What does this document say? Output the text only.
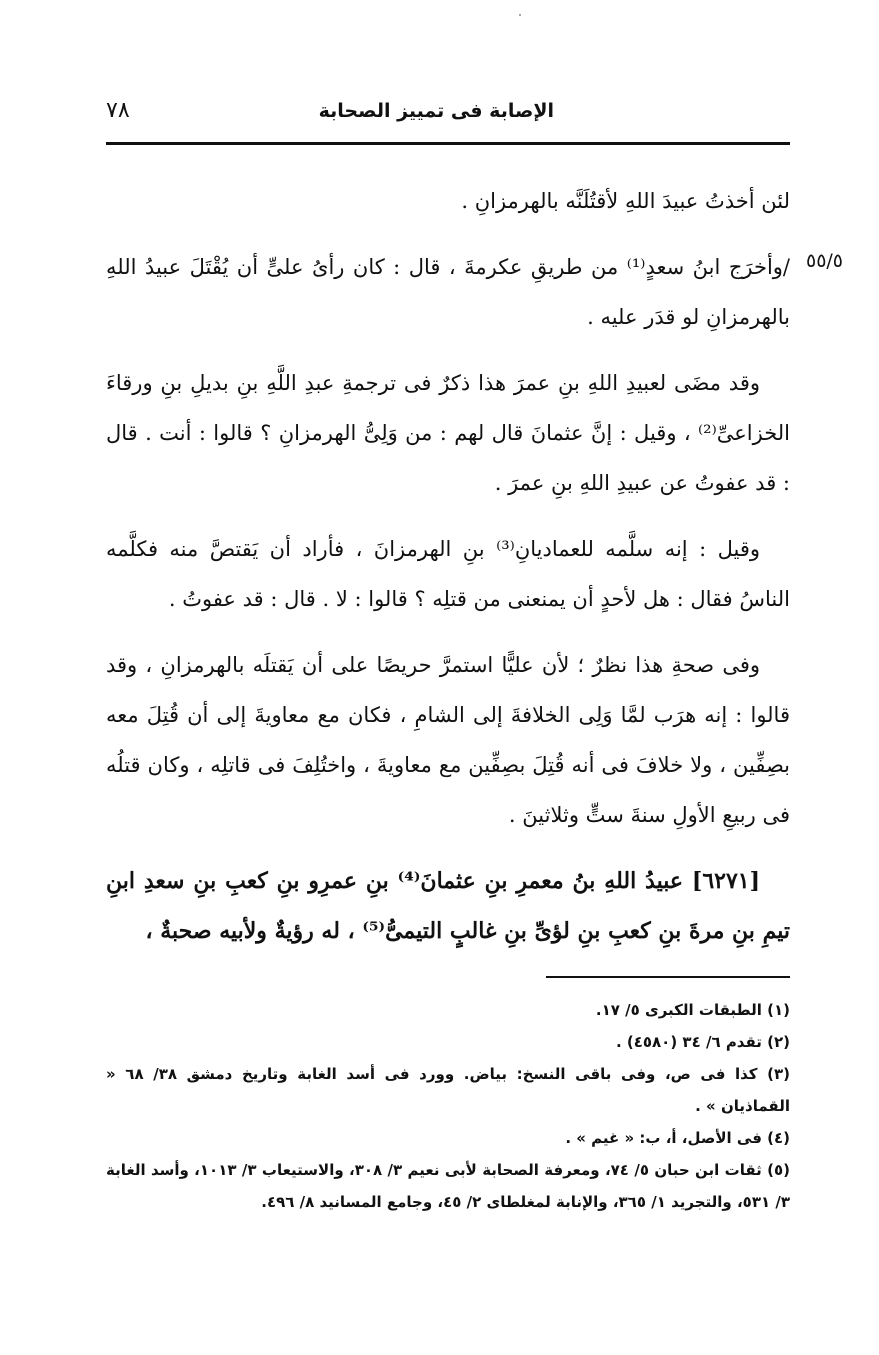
الإصابة فى تمييز الصحابة
٧٨
٥٥/٥

لئن أخذتُ عبيدَ اللهِ لأقتُلَنَّه بالهرمزانِ .

/وأخرَج ابنُ سعدٍ⁽¹⁾ من طريقِ عكرمةَ ، قال : كان رأىُ علىٍّ أن يُقْتَلَ عبيدُ اللهِ بالهرمزانِ لو قدَر عليه .

وقد مضَى لعبيدِ اللهِ بنِ عمرَ هذا ذكرٌ فى ترجمةِ عبدِ اللَّهِ بنِ بديلِ بنِ ورقاءَ الخزاعىِّ⁽²⁾ ، وقيل : إنَّ عثمانَ قال لهم : من وَلِىُّ الهرمزانِ ؟ قالوا : أنت . قال : قد عفوتُ عن عبيدِ اللهِ بنِ عمرَ .

وقيل : إنه سلَّمه للعماديانِ⁽³⁾ بنِ الهرمزانَ ، فأراد أن يَقتصَّ منه فكلَّمه الناسُ فقال : هل لأحدٍ أن يمنعنى من قتلِه ؟ قالوا : لا . قال : قد عفوتُ .

وفى صحةِ هذا نظرٌ ؛ لأن عليًّا استمرَّ حريصًا على أن يَقتلَه بالهرمزانِ ، وقد قالوا : إنه هرَب لمَّا وَلِى الخلافةَ إلى الشامِ ، فكان مع معاويةَ إلى أن قُتِلَ معه بصِفِّين ، ولا خلافَ فى أنه قُتِلَ بصِفِّين مع معاويةَ ، واختُلِفَ فى قاتلِه ، وكان قتلُه فى ربيعِ الأولِ سنةَ ستٍّ وثلاثينَ .

[٦٢٧١] عبيدُ اللهِ بنُ معمرِ بنِ عثمانَ⁽⁴⁾ بنِ عمرِو بنِ كعبِ بنِ سعدِ ابنِ تيمِ بنِ مرةَ بنِ كعبِ بنِ لؤىِّ بنِ غالبٍ التيمىُّ⁽⁵⁾ ، له رؤيةٌ ولأبيه صحبةٌ ،

(١) الطبقات الكبرى ٥/ ١٧.

(٢) تقدم ٦/ ٣٤ (٤٥٨٠) .

(٣) كذا فى ص، وفى باقى النسخ: بياض. وورد فى أسد الغابة وتاريخ دمشق ٣٨/ ٦٨ « القماذيان » .

(٤) فى الأصل، أ، ب: « غيم » .

(٥) ثقات ابن حبان ٥/ ٧٤، ومعرفة الصحابة لأبى نعيم ٣/ ٣٠٨، والاستيعاب ٣/ ١٠١٣، وأسد الغابة ٣/ ٥٣١، والتجريد ١/ ٣٦٥، والإنابة لمغلطاى ٢/ ٤٥، وجامع المسانيد ٨/ ٤٩٦.
